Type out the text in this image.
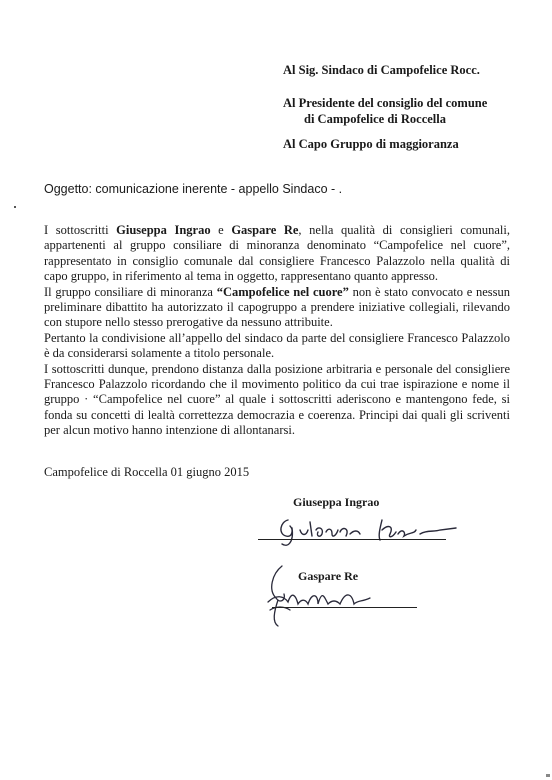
Al Sig. Sindaco di Campofelice Rocc.
Al Presidente del consiglio del comune
di Campofelice di Roccella
Al Capo Gruppo di maggioranza
Oggetto: comunicazione inerente - appello Sindaco - .

I sottoscritti Giuseppa Ingrao e Gaspare Re, nella qualità di consiglieri comunali, appartenenti al gruppo consiliare di minoranza denominato “Campofelice nel cuore”, rappresentato in consiglio comunale dal consigliere Francesco Palazzolo nella qualità di capo gruppo, in riferimento al tema in oggetto, rappresentano quanto appresso.

Il gruppo consiliare di minoranza “Campofelice nel cuore” non è stato convocato e nessun preliminare dibattito ha autorizzato il capogruppo a prendere iniziative collegiali, rilevando con stupore nello stesso prerogative da nessuno attribuite.

Pertanto la condivisione all’appello del sindaco da parte del consigliere Francesco Palazzolo è da considerarsi solamente a titolo personale.

I sottoscritti dunque, prendono distanza dalla posizione arbitraria e personale del consigliere Francesco Palazzolo ricordando che il movimento politico da cui trae ispirazione e nome il gruppo · “Campofelice nel cuore” al quale i sottoscritti aderiscono e mantengono fede, si fonda su concetti di lealtà correttezza democrazia e coerenza. Principi dai quali gli scriventi per alcun motivo hanno intenzione di allontanarsi.

Campofelice di Roccella 01 giugno 2015
Giuseppa Ingrao
Gaspare Re
